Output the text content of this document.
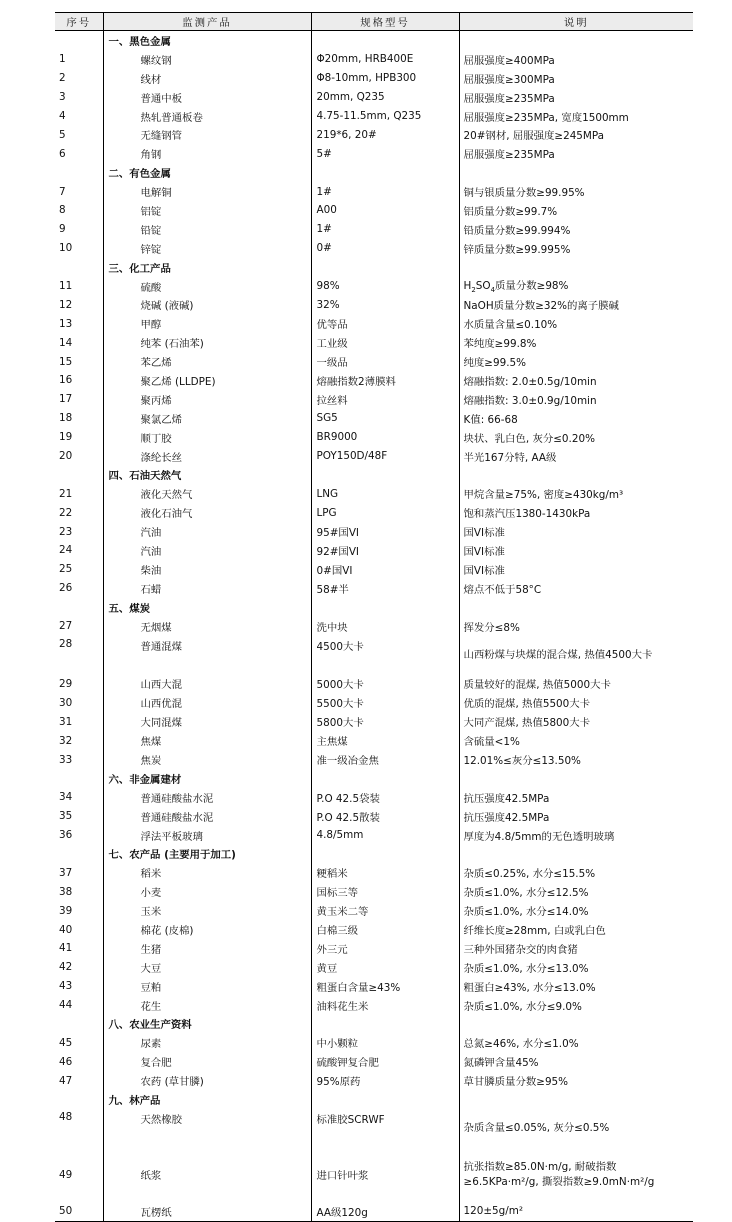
序号	监测产品	规格型号	说明
	一、黑色金属		
1	螺纹钢	Φ20mm, HRB400E	屈服强度≥400MPa
2	线材	Φ8-10mm, HPB300	屈服强度≥300MPa
3	普通中板	20mm, Q235	屈服强度≥235MPa
4	热轧普通板卷	4.75-11.5mm, Q235	屈服强度≥235MPa, 宽度1500mm
5	无缝钢管	219*6, 20#	20#钢材, 屈服强度≥245MPa
6	角钢	5#	屈服强度≥235MPa
	二、有色金属		
7	电解铜	1#	铜与银质量分数≥99.95%
8	铝锭	A00	铝质量分数≥99.7%
9	铅锭	1#	铅质量分数≥99.994%
10	锌锭	0#	锌质量分数≥99.995%
	三、化工产品		
11	硫酸	98%	$H_2SO_4$质量分数≥98%
12	烧碱 (液碱)	32%	NaOH质量分数≥32%的离子膜碱
13	甲醇	优等品	水质量含量≤0.10%
14	纯苯 (石油苯)	工业级	苯纯度≥99.8%
15	苯乙烯	一级品	纯度≥99.5%
16	聚乙烯 (LLDPE)	熔融指数2薄膜料	熔融指数: 2.0±0.5g/10min
17	聚丙烯	拉丝料	熔融指数: 3.0±0.9g/10min
18	聚氯乙烯	SG5	K值: 66-68
19	顺丁胶	BR9000	块状、乳白色, 灰分≤0.20%
20	涤纶长丝	POY150D/48F	半光167分特, AA级
	四、石油天然气		
21	液化天然气	LNG	甲烷含量≥75%, 密度≥430kg/m³
22	液化石油气	LPG	饱和蒸汽压1380-1430kPa
23	汽油	95#国VI	国VI标准
24	汽油	92#国VI	国VI标准
25	柴油	0#国VI	国VI标准
26	石蜡	58#半	熔点不低于58°C
	五、煤炭		
27	无烟煤	洗中块	挥发分≤8%
28	普通混煤	4500大卡	山西粉煤与块煤的混合煤, 热值4500大卡
29	山西大混	5000大卡	质量较好的混煤, 热值5000大卡
30	山西优混	5500大卡	优质的混煤, 热值5500大卡
31	大同混煤	5800大卡	大同产混煤, 热值5800大卡
32	焦煤	主焦煤	含硫量<1%
33	焦炭	准一级冶金焦	12.01%≤灰分≤13.50%
	六、非金属建材		
34	普通硅酸盐水泥	P.O 42.5袋装	抗压强度42.5MPa
35	普通硅酸盐水泥	P.O 42.5散装	抗压强度42.5MPa
36	浮法平板玻璃	4.8/5mm	厚度为4.8/5mm的无色透明玻璃
	七、农产品 (主要用于加工)		
37	稻米	粳稻米	杂质≤0.25%, 水分≤15.5%
38	小麦	国标三等	杂质≤1.0%, 水分≤12.5%
39	玉米	黄玉米二等	杂质≤1.0%, 水分≤14.0%
40	棉花 (皮棉)	白棉三级	纤维长度≥28mm, 白或乳白色
41	生猪	外三元	三种外国猪杂交的肉食猪
42	大豆	黄豆	杂质≤1.0%, 水分≤13.0%
43	豆粕	粗蛋白含量≥43%	粗蛋白≥43%, 水分≤13.0%
44	花生	油料花生米	杂质≤1.0%, 水分≤9.0%
	八、农业生产资料		
45	尿素	中小颗粒	总氮≥46%, 水分≤1.0%
46	复合肥	硫酸钾复合肥	氮磷钾含量45%
47	农药 (草甘膦)	95%原药	草甘膦质量分数≥95%
	九、林产品		
48	天然橡胶	标准胶SCRWF	杂质含量≤0.05%, 灰分≤0.5%
49	纸浆	进口针叶浆	抗张指数≥85.0N·m/g, 耐破指数≥6.5KPa·m²/g, 撕裂指数≥9.0mN·m²/g
50	瓦楞纸	AA级120g	120±5g/m²
